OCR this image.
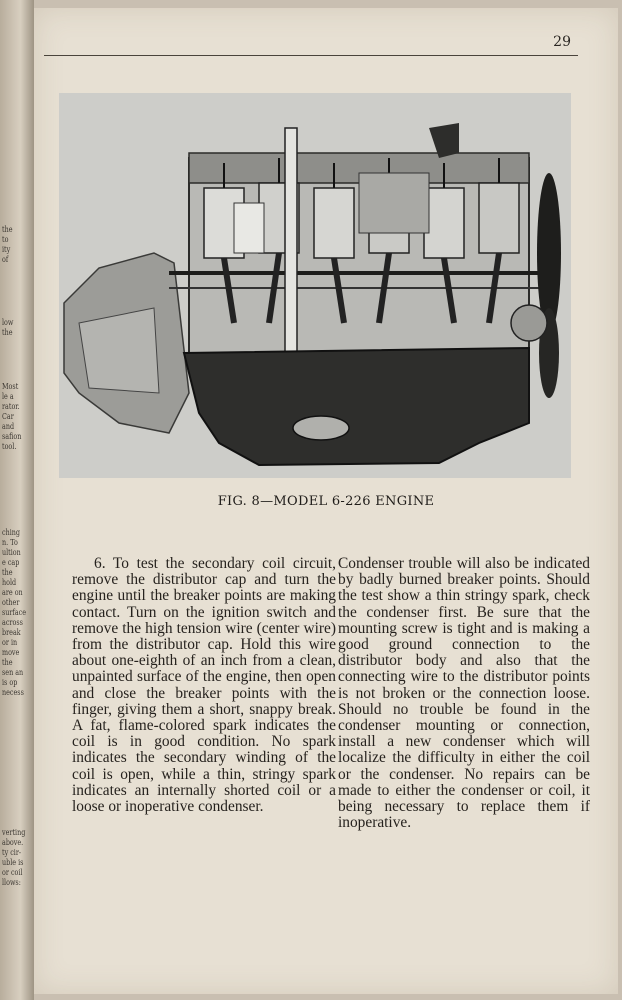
the
to
ity
of
low
the
Most
le a
rator.
Car
and
safion
tool.
ching
n. To
ultion
e cap
the
hold
are on
other
surface
across
break
or in
move
the
sen an
is op
necess
verting
above.
ty cir-
uble is
or coil
llows:
29
FIG. 8—MODEL 6-226 ENGINE

6. To test the secondary coil circuit, remove the distributor cap and turn the engine until the breaker points are making contact. Turn on the ignition switch and remove the high tension wire (center wire) from the distributor cap. Hold this wire about one-eighth of an inch from a clean, unpainted surface of the engine, then open and close the breaker points with the finger, giving them a short, snappy break. A fat, flame-colored spark indicates the coil is in good condition. No spark indicates the secondary winding of the coil is open, while a thin, stringy spark indicates an internally shorted coil or a loose or inoperative condenser.

Condenser trouble will also be indicated by badly burned breaker points. Should the test show a thin stringy spark, check the condenser first. Be sure that the mounting screw is tight and is making a good ground connection to the distributor body and also that the connecting wire to the distributor points is not broken or the connection loose. Should no trouble be found in the condenser mounting or connection, install a new condenser which will localize the difficulty in either the coil or the condenser. No repairs can be made to either the condenser or coil, it being necessary to replace them if inoperative.
